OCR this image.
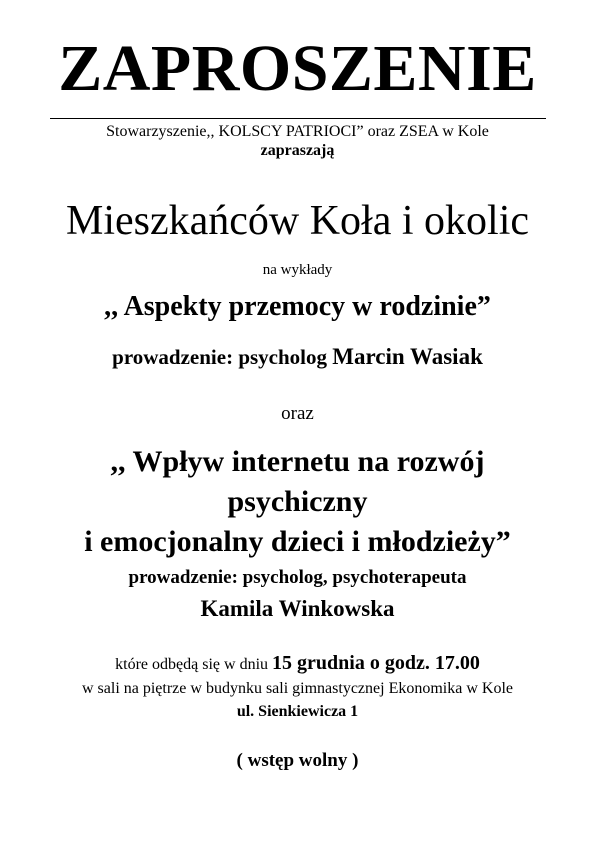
ZAPROSZENIE
Stowarzyszenie,, KOLSCY PATRIOCI” oraz ZSEA w Kole
zapraszają
Mieszkańców Koła i okolic
na wykłady
,, Aspekty przemocy w rodzinie”
prowadzenie: psycholog Marcin Wasiak
oraz
,, Wpływ internetu na rozwój
psychiczny
i emocjonalny dzieci i młodzieży”
prowadzenie: psycholog, psychoterapeuta
Kamila Winkowska
które odbędą się w dniu 15 grudnia o godz. 17.00
w sali na piętrze w budynku sali gimnastycznej Ekonomika w Kole
ul. Sienkiewicza 1
( wstęp wolny )
